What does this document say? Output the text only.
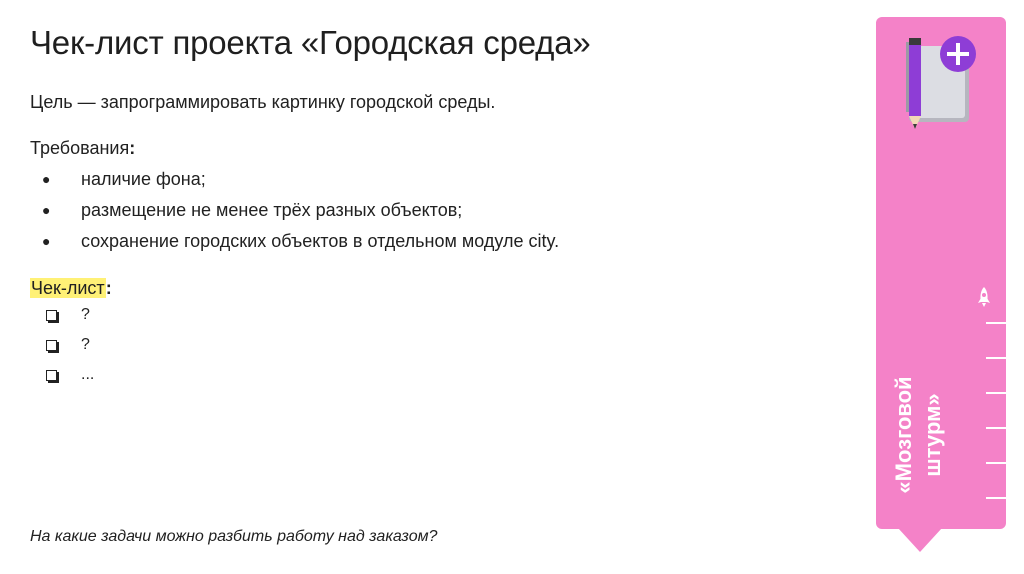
Чек-лист проекта «Городская среда»
Цель — запрограммировать картинку городской среды.
Требования:
● наличие фона;
● размещение не менее трёх разных объектов;
● сохранение городских объектов в отдельном модуле city.
Чек-лист:
?
?
...
На какие задачи можно разбить работу над заказом?
«Мозговой штурм»
